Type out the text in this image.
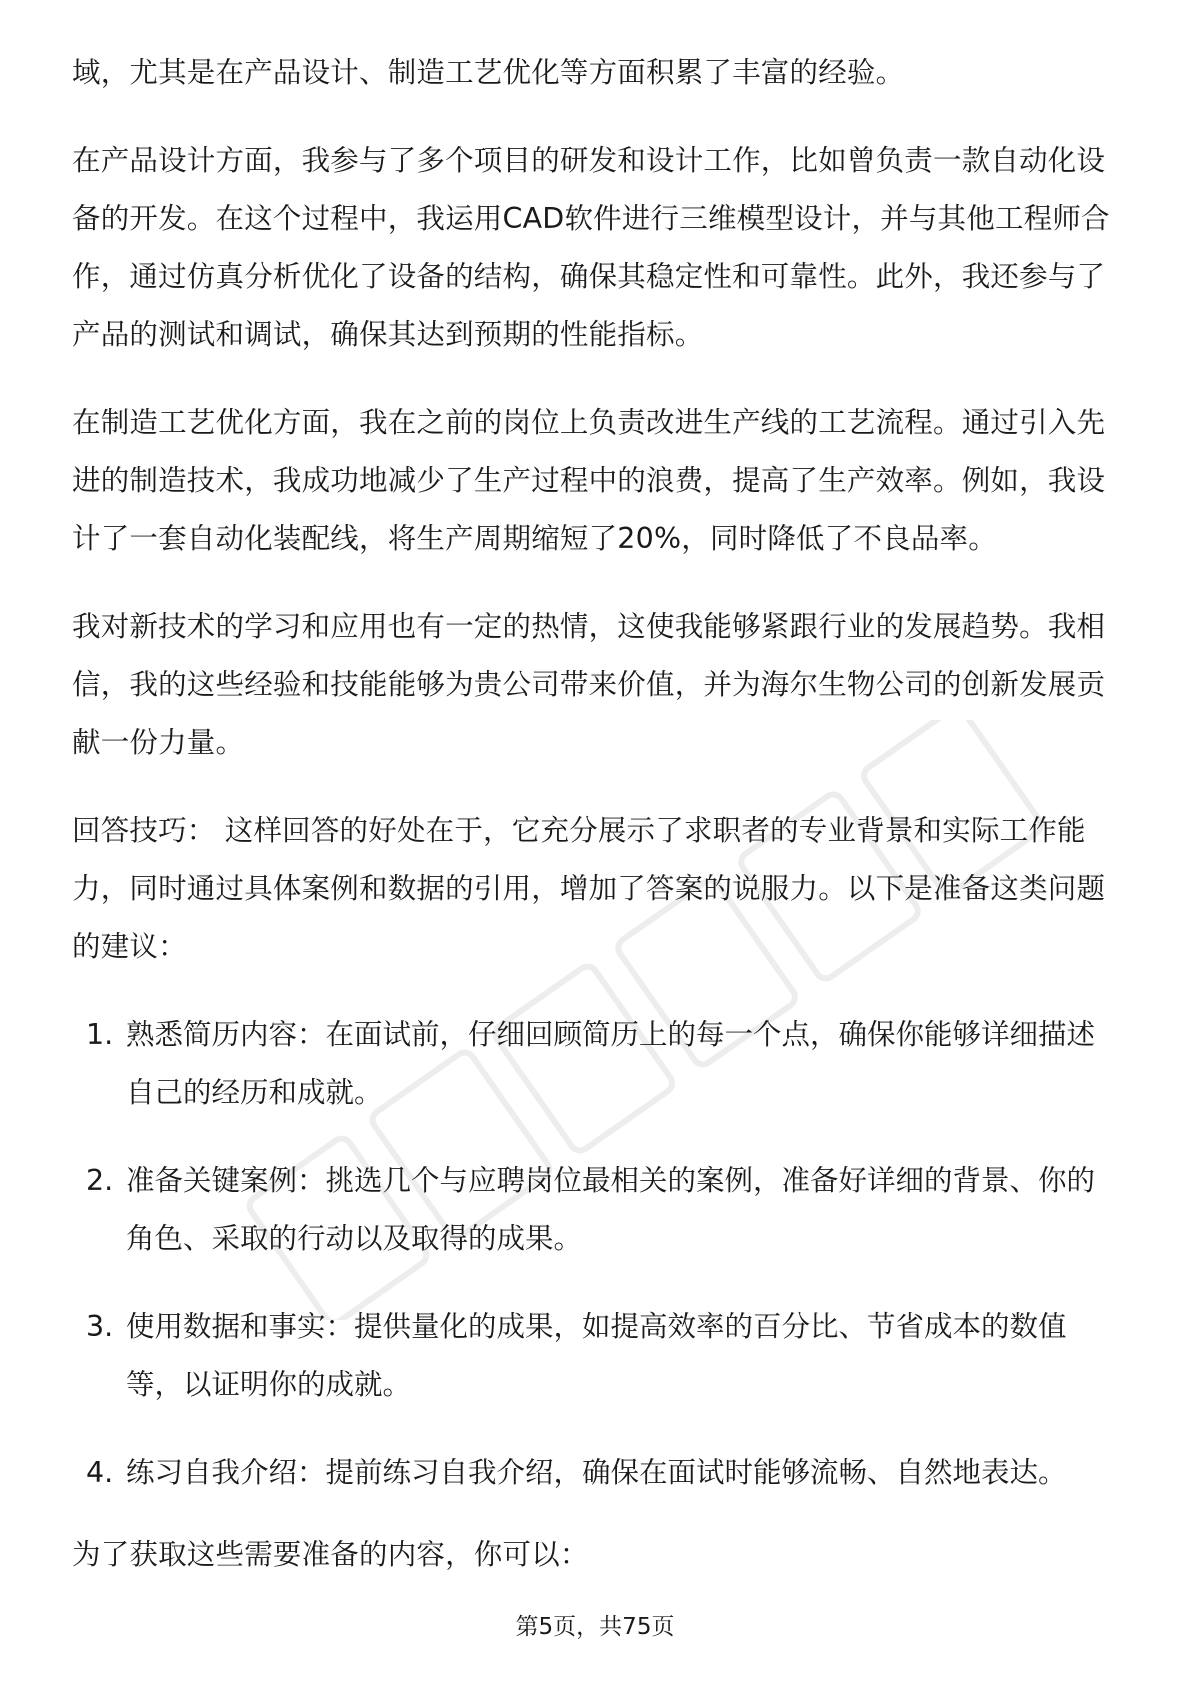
域，尤其是在产品设计、制造工艺优化等方面积累了丰富的经验。

在产品设计方面，我参与了多个项目的研发和设计工作，比如曾负责一款自动化设备的开发。在这个过程中，我运用CAD软件进行三维模型设计，并与其他工程师合作，通过仿真分析优化了设备的结构，确保其稳定性和可靠性。此外，我还参与了产品的测试和调试，确保其达到预期的性能指标。

在制造工艺优化方面，我在之前的岗位上负责改进生产线的工艺流程。通过引入先进的制造技术，我成功地减少了生产过程中的浪费，提高了生产效率。例如，我设计了一套自动化装配线，将生产周期缩短了20%，同时降低了不良品率。

我对新技术的学习和应用也有一定的热情，这使我能够紧跟行业的发展趋势。我相信，我的这些经验和技能能够为贵公司带来价值，并为海尔生物公司的创新发展贡献一份力量。

回答技巧： 这样回答的好处在于，它充分展示了求职者的专业背景和实际工作能力，同时通过具体案例和数据的引用，增加了答案的说服力。以下是准备这类问题的建议：

1. 熟悉简历内容：在面试前，仔细回顾简历上的每一个点，确保你能够详细描述自己的经历和成就。
2. 准备关键案例：挑选几个与应聘岗位最相关的案例，准备好详细的背景、你的角色、采取的行动以及取得的成果。
3. 使用数据和事实：提供量化的成果，如提高效率的百分比、节省成本的数值等，以证明你的成就。
4. 练习自我介绍：提前练习自我介绍，确保在面试时能够流畅、自然地表达。

为了获取这些需要准备的内容，你可以：

第5页，共75页
